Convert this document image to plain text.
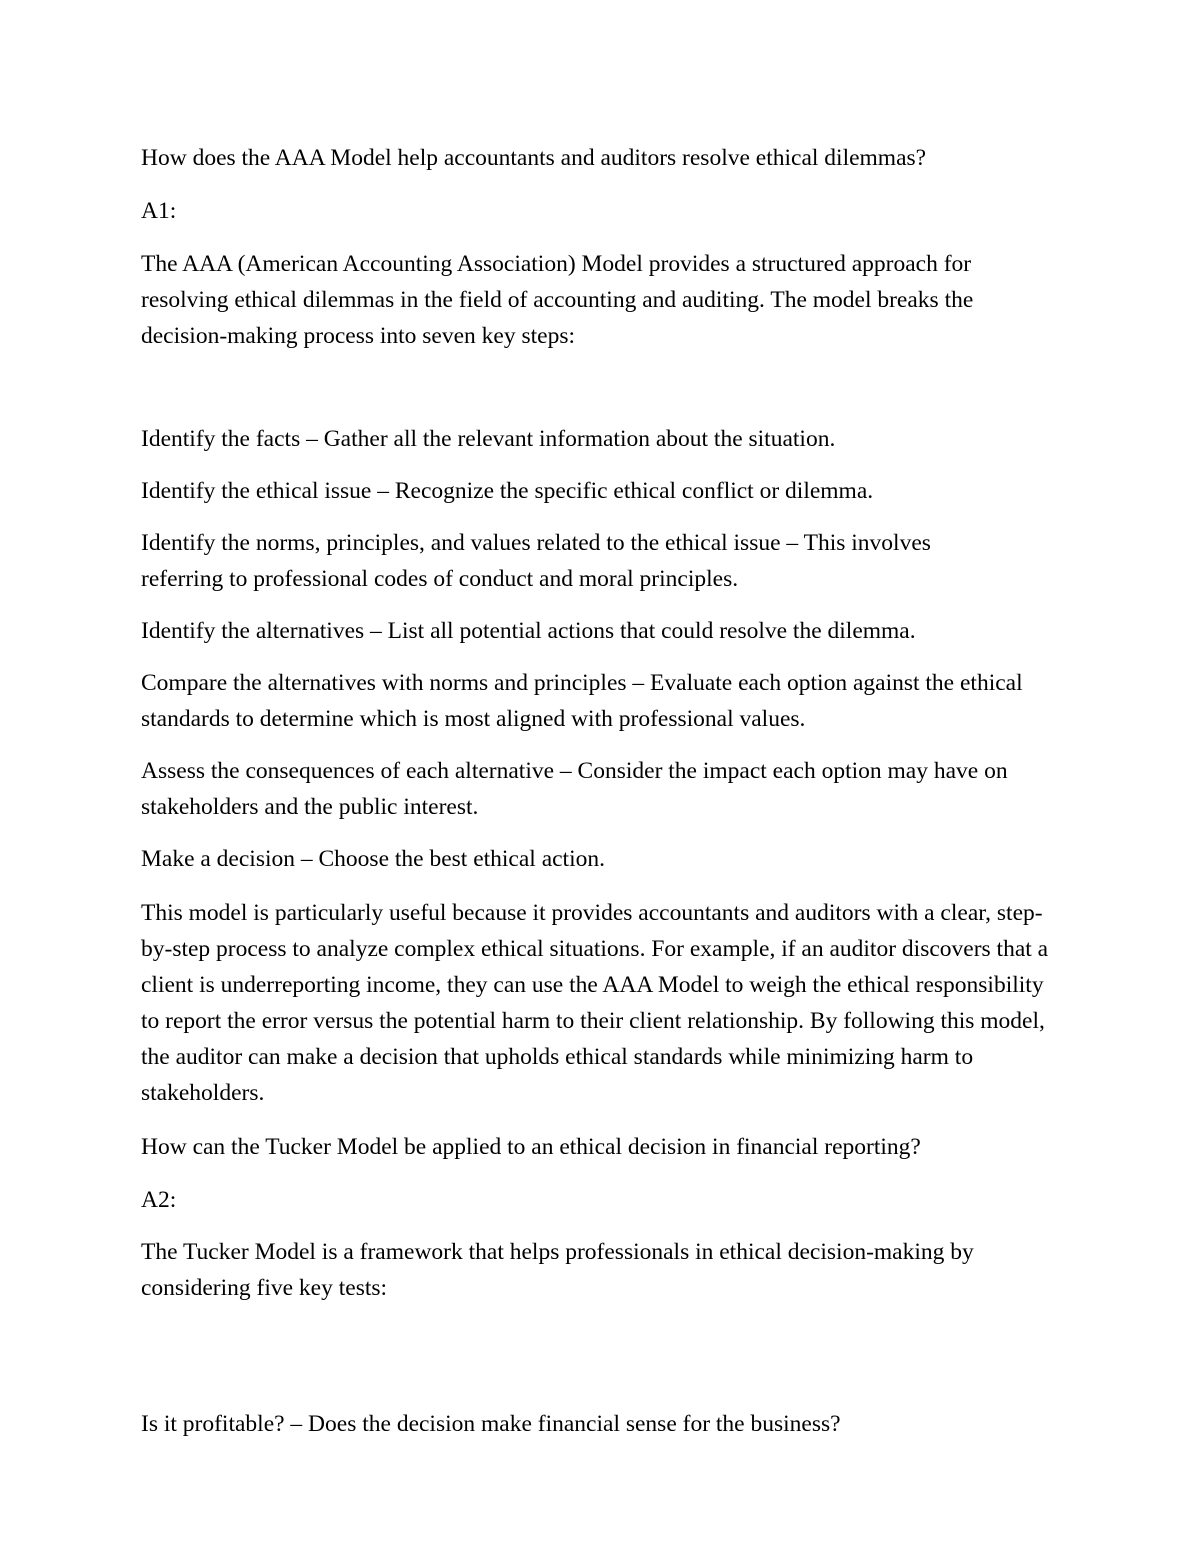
How does the AAA Model help accountants and auditors resolve ethical dilemmas?

A1:

The AAA (American Accounting Association) Model provides a structured approach for resolving ethical dilemmas in the field of accounting and auditing. The model breaks the decision-making process into seven key steps:

Identify the facts – Gather all the relevant information about the situation.

Identify the ethical issue – Recognize the specific ethical conflict or dilemma.

Identify the norms, principles, and values related to the ethical issue – This involves referring to professional codes of conduct and moral principles.

Identify the alternatives – List all potential actions that could resolve the dilemma.

Compare the alternatives with norms and principles – Evaluate each option against the ethical standards to determine which is most aligned with professional values.

Assess the consequences of each alternative – Consider the impact each option may have on stakeholders and the public interest.

Make a decision – Choose the best ethical action.

This model is particularly useful because it provides accountants and auditors with a clear, step-by-step process to analyze complex ethical situations. For example, if an auditor discovers that a client is underreporting income, they can use the AAA Model to weigh the ethical responsibility to report the error versus the potential harm to their client relationship. By following this model, the auditor can make a decision that upholds ethical standards while minimizing harm to stakeholders.

How can the Tucker Model be applied to an ethical decision in financial reporting?

A2:

The Tucker Model is a framework that helps professionals in ethical decision-making by considering five key tests:

Is it profitable? – Does the decision make financial sense for the business?
